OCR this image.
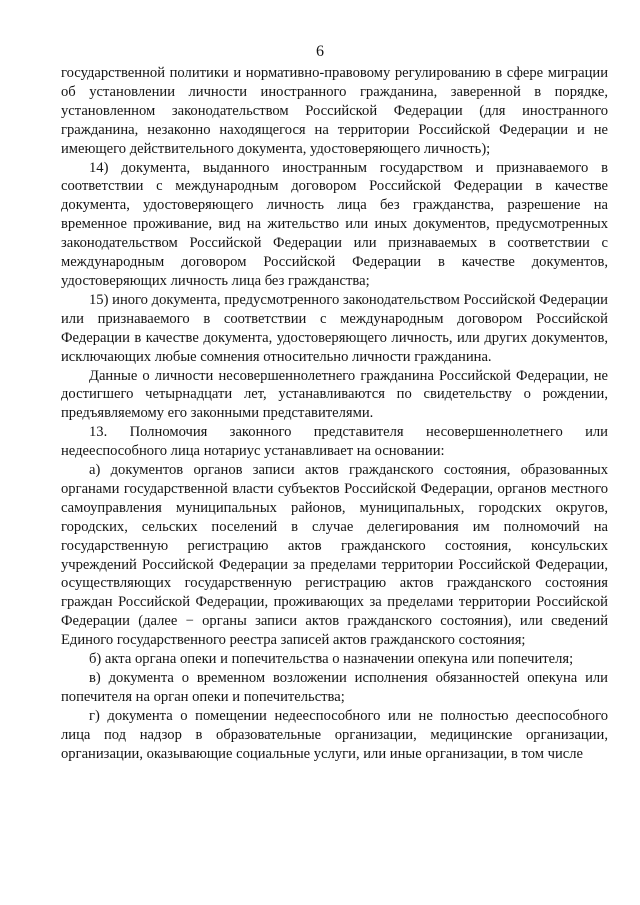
6

государственной политики и нормативно-правовому регулированию в сфере миграции об установлении личности иностранного гражданина, заверенной в порядке, установленном законодательством Российской Федерации (для иностранного гражданина, незаконно находящегося на территории Российской Федерации и не имеющего действительного документа, удостоверяющего личность);

14) документа, выданного иностранным государством и признаваемого в соответствии с международным договором Российской Федерации в качестве документа, удостоверяющего личность лица без гражданства, разрешение на временное проживание, вид на жительство или иных документов, предусмотренных законодательством Российской Федерации или признаваемых в соответствии с международным договором Российской Федерации в качестве документов, удостоверяющих личность лица без гражданства;

15) иного документа, предусмотренного законодательством Российской Федерации или признаваемого в соответствии с международным договором Российской Федерации в качестве документа, удостоверяющего личность, или других документов, исключающих любые сомнения относительно личности гражданина.

Данные о личности несовершеннолетнего гражданина Российской Федерации, не достигшего четырнадцати лет, устанавливаются по свидетельству о рождении, предъявляемому его законными представителями.

13. Полномочия законного представителя несовершеннолетнего или недееспособного лица нотариус устанавливает на основании:

а) документов органов записи актов гражданского состояния, образованных органами государственной власти субъектов Российской Федерации, органов местного самоуправления муниципальных районов, муниципальных, городских округов, городских, сельских поселений в случае делегирования им полномочий на государственную регистрацию актов гражданского состояния, консульских учреждений Российской Федерации за пределами территории Российской Федерации, осуществляющих государственную регистрацию актов гражданского состояния граждан Российской Федерации, проживающих за пределами территории Российской Федерации (далее − органы записи актов гражданского состояния), или сведений Единого государственного реестра записей актов гражданского состояния;

б) акта органа опеки и попечительства о назначении опекуна или попечителя;

в) документа о временном возложении исполнения обязанностей опекуна или попечителя на орган опеки и попечительства;

г) документа о помещении недееспособного или не полностью дееспособного лица под надзор в образовательные организации, медицинские организации, организации, оказывающие социальные услуги, или иные организации, в том числе
